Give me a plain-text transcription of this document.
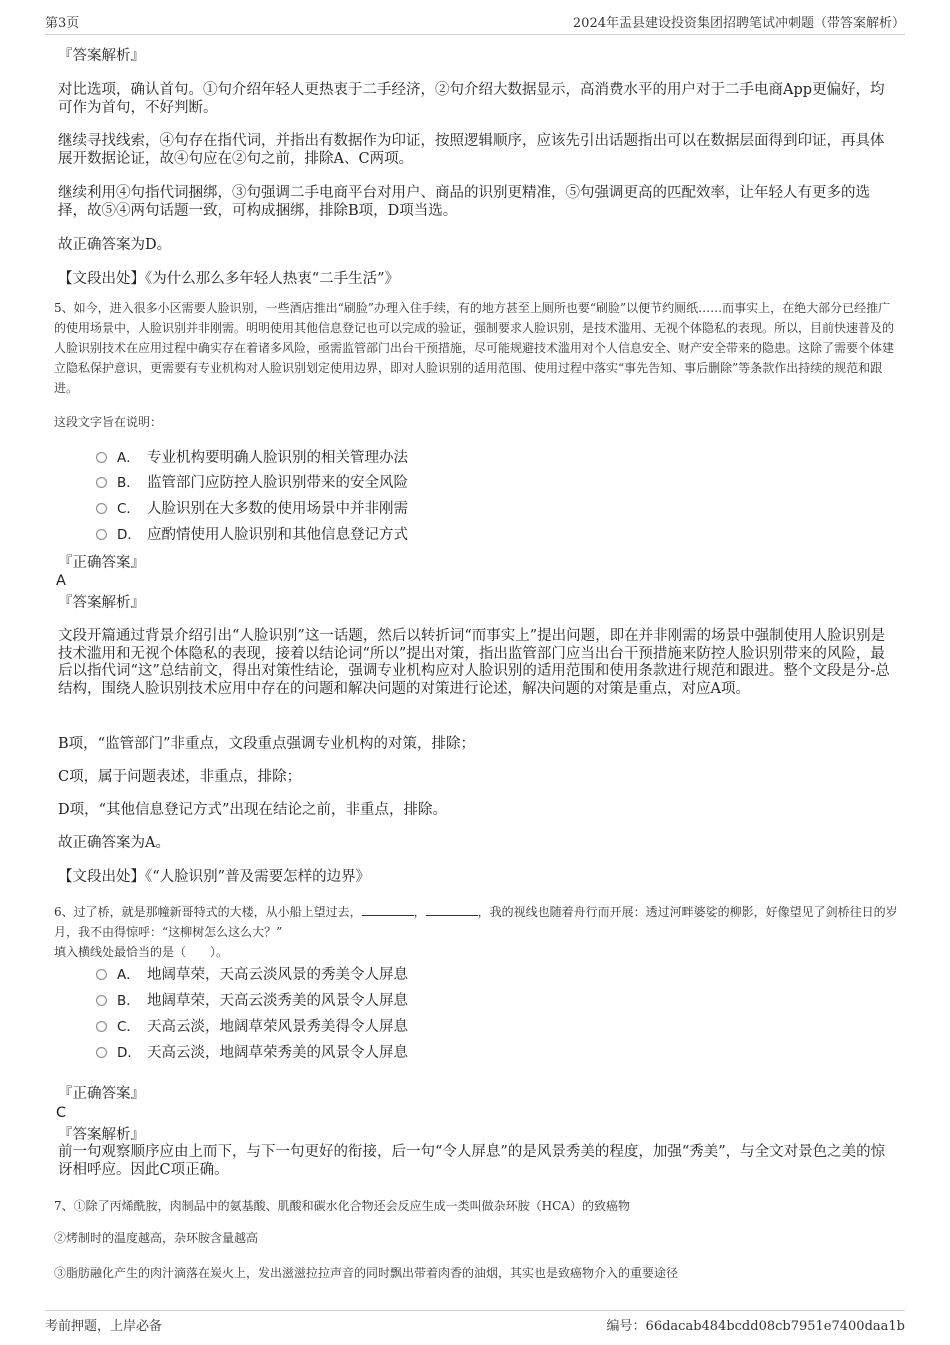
第3页	2024年盂县建设投资集团招聘笔试冲刺题（带答案解析）

『答案解析』

对比选项，确认首句。①句介绍年轻人更热衷于二手经济，②句介绍大数据显示，高消费水平的用户对于二手电商App更偏好，均可作为首句，不好判断。

继续寻找线索，④句存在指代词，并指出有数据作为印证，按照逻辑顺序，应该先引出话题指出可以在数据层面得到印证，再具体展开数据论证，故④句应在②句之前，排除A、C两项。

继续利用④句指代词捆绑，③句强调二手电商平台对用户、商品的识别更精准，⑤句强调更高的匹配效率，让年轻人有更多的选择，故⑤④两句话题一致，可构成捆绑，排除B项，D项当选。

故正确答案为D。

【文段出处】《为什么那么多年轻人热衷“二手生活”》

5、如今，进入很多小区需要人脸识别，一些酒店推出“刷脸”办理入住手续，有的地方甚至上厕所也要“刷脸”以便节约厕纸……而事实上，在绝大部分已经推广的使用场景中，人脸识别并非刚需。明明使用其他信息登记也可以完成的验证，强制要求人脸识别，是技术滥用、无视个体隐私的表现。所以，目前快速普及的人脸识别技术在应用过程中确实存在着诸多风险，亟需监管部门出台干预措施，尽可能规避技术滥用对个人信息安全、财产安全带来的隐患。这除了需要个体建立隐私保护意识，更需要有专业机构对人脸识别划定使用边界，即对人脸识别的适用范围、使用过程中落实“事先告知、事后删除”等条款作出持续的规范和跟进。

这段文字旨在说明：

A． 专业机构要明确人脸识别的相关管理办法
B． 监管部门应防控人脸识别带来的安全风险
C． 人脸识别在大多数的使用场景中并非刚需
D． 应酌情使用人脸识别和其他信息登记方式

『正确答案』

A

『答案解析』

文段开篇通过背景介绍引出“人脸识别”这一话题，然后以转折词“而事实上”提出问题，即在并非刚需的场景中强制使用人脸识别是技术滥用和无视个体隐私的表现，接着以结论词“所以”提出对策，指出监管部门应当出台干预措施来防控人脸识别带来的风险，最后以指代词“这”总结前文，得出对策性结论，强调专业机构应对人脸识别的适用范围和使用条款进行规范和跟进。整个文段是分-总结构，围绕人脸识别技术应用中存在的问题和解决问题的对策进行论述，解决问题的对策是重点，对应A项。

B项，“监管部门”非重点，文段重点强调专业机构的对策，排除；

C项，属于问题表述，非重点，排除；

D项，“其他信息登记方式”出现在结论之前，非重点，排除。

故正确答案为A。

【文段出处】《“人脸识别”普及需要怎样的边界》

6、过了桥，就是那幢新哥特式的大楼，从小船上望过去，	，	，我的视线也随着舟行而开展：透过河畔婆娑的柳影，好像望见了剑桥往日的岁月，我不由得惊呼：“这柳树怎么这么大？”

填入横线处最恰当的是（　　）。

A． 地阔草荣，天高云淡风景的秀美令人屏息
B． 地阔草荣，天高云淡秀美的风景令人屏息
C． 天高云淡，地阔草荣风景秀美得令人屏息
D． 天高云淡，地阔草荣秀美的风景令人屏息

『正确答案』

C

『答案解析』

前一句观察顺序应由上而下，与下一句更好的衔接，后一句“令人屏息”的是风景秀美的程度，加强“秀美”，与全文对景色之美的惊讶相呼应。因此C项正确。

7、①除了丙烯酰胺，肉制品中的氨基酸、肌酸和碳水化合物还会反应生成一类叫做杂环胺（HCA）的致癌物

②烤制时的温度越高，杂环胺含量越高

③脂肪融化产生的肉汁滴落在炭火上，发出滋滋拉拉声音的同时飘出带着肉香的油烟，其实也是致癌物介入的重要途径

考前押题，上岸必备	编号：66dacab484bcdd08cb7951e7400daa1b
